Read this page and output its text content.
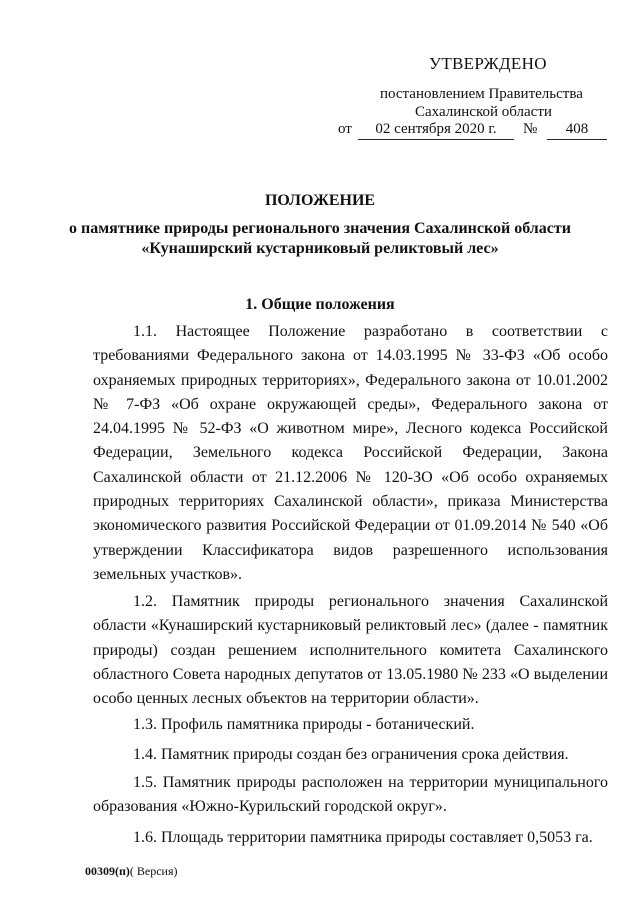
УТВЕРЖДЕНО
постановлением Правительства
Сахалинской области
от	02 сентября 2020 г.	№	408
ПОЛОЖЕНИЕ
о памятнике природы регионального значения Сахалинской области
«Кунаширский кустарниковый реликтовый лес»
1. Общие положения

1.1. Настоящее Положение разработано в соответствии с требованиями Федерального закона от 14.03.1995 № 33-ФЗ «Об особо охраняемых природных территориях», Федерального закона от 10.01.2002 № 7-ФЗ «Об охране окружающей среды», Федерального закона от 24.04.1995 № 52-ФЗ «О животном мире», Лесного кодекса Российской Федерации, Земельного кодекса Российской Федерации, Закона Сахалинской области от 21.12.2006 № 120-ЗО «Об особо охраняемых природных территориях Сахалинской области», приказа Министерства экономического развития Российской Федерации от 01.09.2014 № 540 «Об утверждении Классификатора видов разрешенного использования земельных участков».

1.2. Памятник природы регионального значения Сахалинской области «Кунаширский кустарниковый реликтовый лес» (далее - памятник природы) создан решением исполнительного комитета Сахалинского областного Совета народных депутатов от 13.05.1980 № 233 «О выделении особо ценных лесных объектов на территории области».

1.3. Профиль памятника природы - ботанический.

1.4. Памятник природы создан без ограничения срока действия.

1.5. Памятник природы расположен на территории муниципального образования «Южно-Курильский городской округ».

1.6. Площадь территории памятника природы составляет 0,5053 га.

00309(п)( Версия)
